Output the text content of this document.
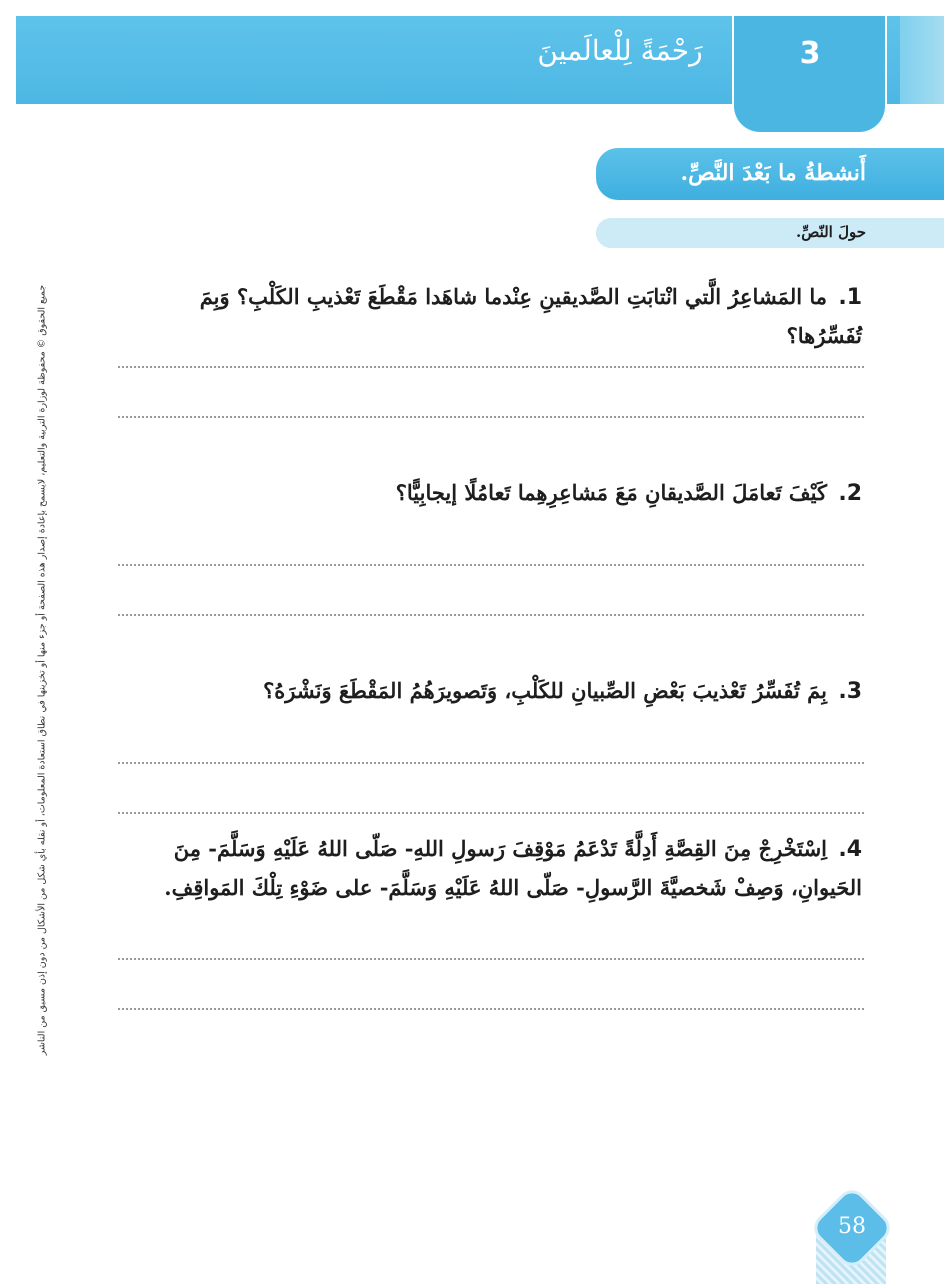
3
رَحْمَةً لِلْعالَمينَ
أَنشطةُ ما بَعْدَ النَّصِّ.
حولَ النّصِّ.
1. ما المَشاعِرُ الَّتي انْتابَتِ الصَّديقينِ عِنْدما شاهَدا مَقْطَعَ تَعْذيبِ الكَلْبِ؟ وَبِمَ تُفَسِّرُها؟
2. كَيْفَ تَعامَلَ الصَّديقانِ مَعَ مَشاعِرِهِما تَعامُلًا إيجابِيًّا؟
3. بِمَ تُفَسِّرُ تَعْذيبَ بَعْضِ الصِّبيانِ للكَلْبِ، وَتَصويرَهُمُ المَقْطَعَ وَنَشْرَهُ؟
4. اِسْتَخْرِجْ مِنَ القِصَّةِ أَدِلَّةً تَدْعَمُ مَوْقِفَ رَسولِ اللهِ- صَلّى اللهُ عَلَيْهِ وَسَلَّمَ- مِنَ الحَيوانِ، وَصِفْ شَخصيَّةَ الرَّسولِ- صَلّى اللهُ عَلَيْهِ وَسَلَّمَ- على ضَوْءِ تِلْكَ المَواقِفِ.
جميع الحقوق © محفوظة لوزارة التربية والتعليم، لايسمح بإعادة إصدار هذه الصفحة أو جزء منها أو تخزينها في نطاق استعادة المعلومات، أو نقله بأي شكل من الأشكال من دون إذن مسبق من الناشر
58
